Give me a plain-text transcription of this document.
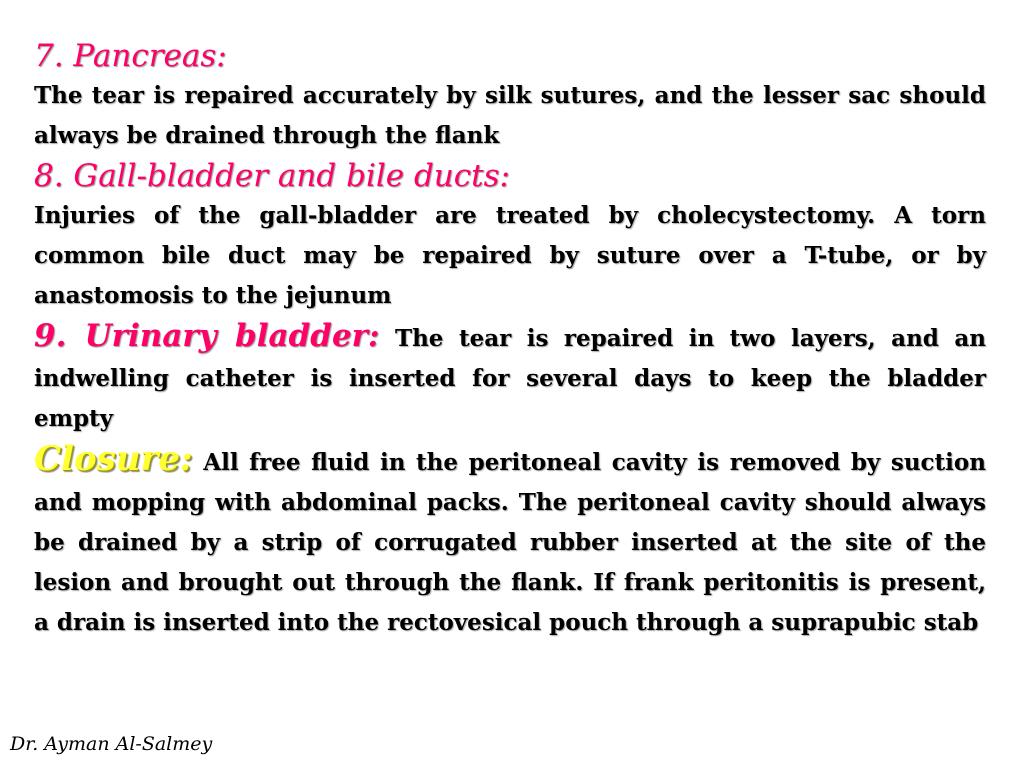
7. Pancreas:

The tear is repaired accurately by silk sutures, and the lesser sac should always be drained through the flank

8. Gall-bladder and bile ducts:

Injuries of the gall-bladder are treated by cholecystectomy. A torn common bile duct may be repaired by suture over a T-tube, or by anastomosis to the jejunum

9. Urinary bladder: The tear is repaired in two layers, and an indwelling catheter is inserted for several days to keep the bladder empty

Closure: All free fluid in the peritoneal cavity is removed by suction and mopping with abdominal packs. The peritoneal cavity should always be drained by a strip of corrugated rubber inserted at the site of the lesion and brought out through the flank. If frank peritonitis is present, a drain is inserted into the rectovesical pouch through a suprapubic stab

Dr. Ayman Al-Salmey
